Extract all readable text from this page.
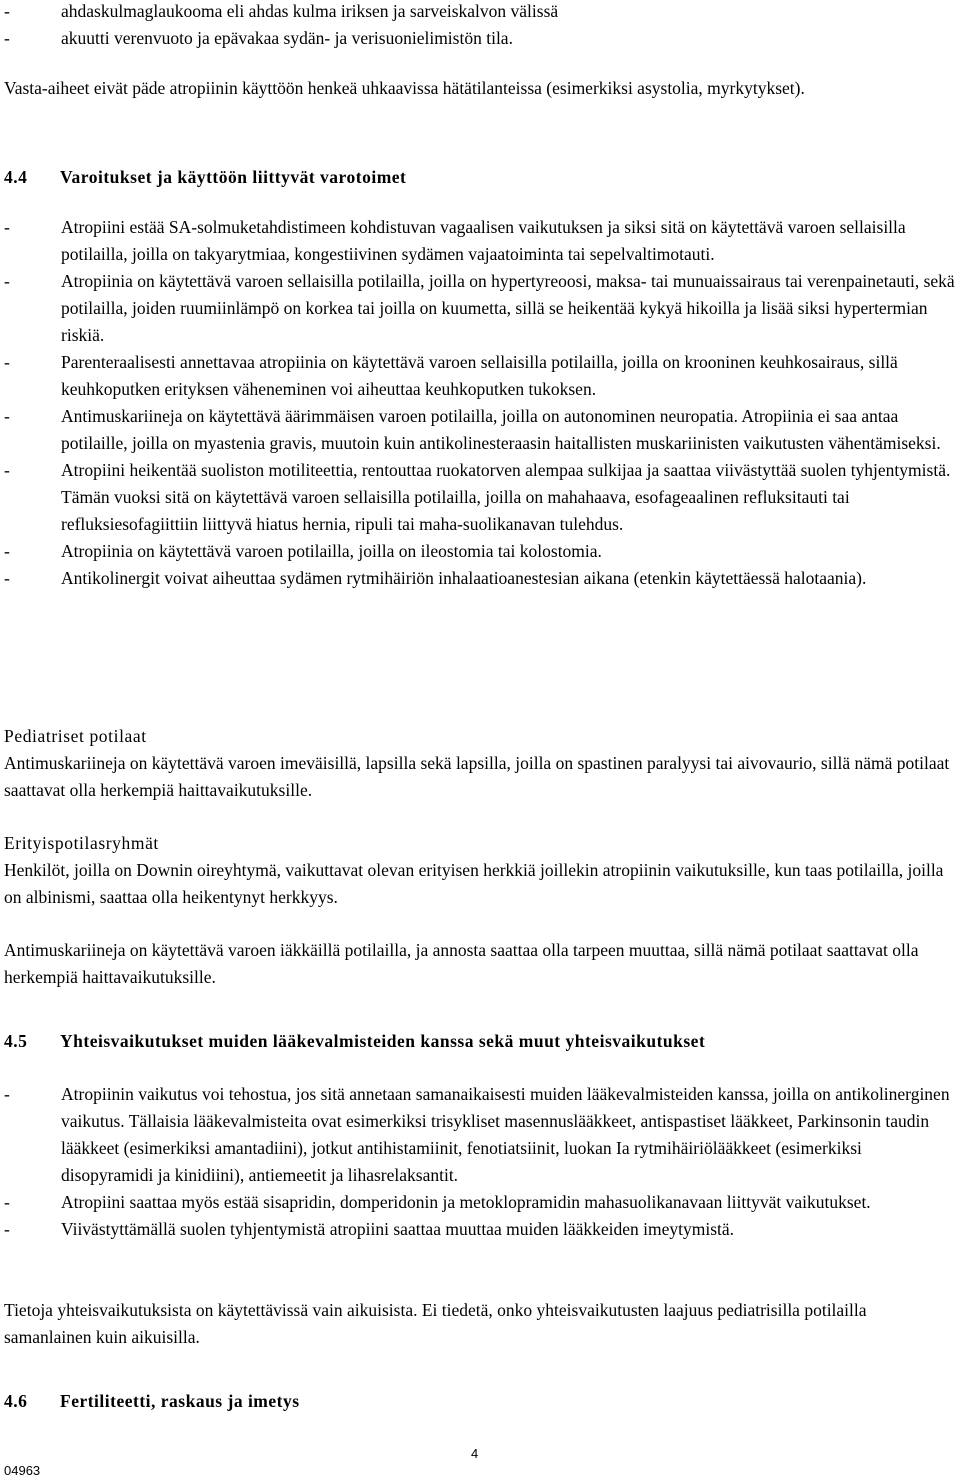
-	ahdaskulmaglaukooma eli ahdas kulma iriksen ja sarveiskalvon välissä
-	akuutti verenvuoto ja epävakaa sydän- ja verisuonielimistön tila.

Vasta-aiheet eivät päde atropiinin käyttöön henkeä uhkaavissa hätätilanteissa (esimerkiksi asystolia, myrkytykset).

4.4 Varoitukset ja käyttöön liittyvät varotoimet
-	Atropiini estää SA-solmuketahdistimeen kohdistuvan vagaalisen vaikutuksen ja siksi sitä on käytettävä varoen sellaisilla potilailla, joilla on takyarytmiaa, kongestiivinen sydämen vajaatoiminta tai sepelvaltimotauti.
-	Atropiinia on käytettävä varoen sellaisilla potilailla, joilla on hypertyreoosi, maksa- tai munuaissairaus tai verenpainetauti, sekä potilailla, joiden ruumiinlämpö on korkea tai joilla on kuumetta, sillä se heikentää kykyä hikoilla ja lisää siksi hypertermian riskiä.
-	Parenteraalisesti annettavaa atropiinia on käytettävä varoen sellaisilla potilailla, joilla on krooninen keuhkosairaus, sillä keuhkoputken erityksen väheneminen voi aiheuttaa keuhkoputken tukoksen.
-	Antimuskariineja on käytettävä äärimmäisen varoen potilailla, joilla on autonominen neuropatia. Atropiinia ei saa antaa potilaille, joilla on myastenia gravis, muutoin kuin antikolinesteraasin haitallisten muskariinisten vaikutusten vähentämiseksi.
-	Atropiini heikentää suoliston motiliteettia, rentouttaa ruokatorven alempaa sulkijaa ja saattaa viivästyttää suolen tyhjentymistä. Tämän vuoksi sitä on käytettävä varoen sellaisilla potilailla, joilla on mahahaava, esofageaalinen refluksitauti tai refluksiesofagiittiin liittyvä hiatus hernia, ripuli tai maha-suolikanavan tulehdus.
-	Atropiinia on käytettävä varoen potilailla, joilla on ileostomia tai kolostomia.
-	Antikolinergit voivat aiheuttaa sydämen rytmihäiriön inhalaatioanestesian aikana (etenkin käytettäessä halotaania).
Pediatriset potilaat
Antimuskariineja on käytettävä varoen imeväisillä, lapsilla sekä lapsilla, joilla on spastinen paralyysi tai aivovaurio, sillä nämä potilaat saattavat olla herkempiä haittavaikutuksille.
Erityispotilasryhmät
Henkilöt, joilla on Downin oireyhtymä, vaikuttavat olevan erityisen herkkiä joillekin atropiinin vaikutuksille, kun taas potilailla, joilla on albinismi, saattaa olla heikentynyt herkkyys.

Antimuskariineja on käytettävä varoen iäkkäillä potilailla, ja annosta saattaa olla tarpeen muuttaa, sillä nämä potilaat saattavat olla herkempiä haittavaikutuksille.

4.5 Yhteisvaikutukset muiden lääkevalmisteiden kanssa sekä muut yhteisvaikutukset
-	Atropiinin vaikutus voi tehostua, jos sitä annetaan samanaikaisesti muiden lääkevalmisteiden kanssa, joilla on antikolinerginen vaikutus. Tällaisia lääkevalmisteita ovat esimerkiksi trisykliset masennuslääkkeet, antispastiset lääkkeet, Parkinsonin taudin lääkkeet (esimerkiksi amantadiini), jotkut antihistamiinit, fenotiatsiinit, luokan Ia rytmihäiriölääkkeet (esimerkiksi disopyramidi ja kinidiini), antiemeetit ja lihasrelaksantit.
-	Atropiini saattaa myös estää sisapridin, domperidonin ja metoklopramidin mahasuolikanavaan liittyvät vaikutukset.
-	Viivästyttämällä suolen tyhjentymistä atropiini saattaa muuttaa muiden lääkkeiden imeytymistä.

Tietoja yhteisvaikutuksista on käytettävissä vain aikuisista. Ei tiedetä, onko yhteisvaikutusten laajuus pediatrisilla potilailla samanlainen kuin aikuisilla.

4.6 Fertiliteetti, raskaus ja imetys
4
04963
